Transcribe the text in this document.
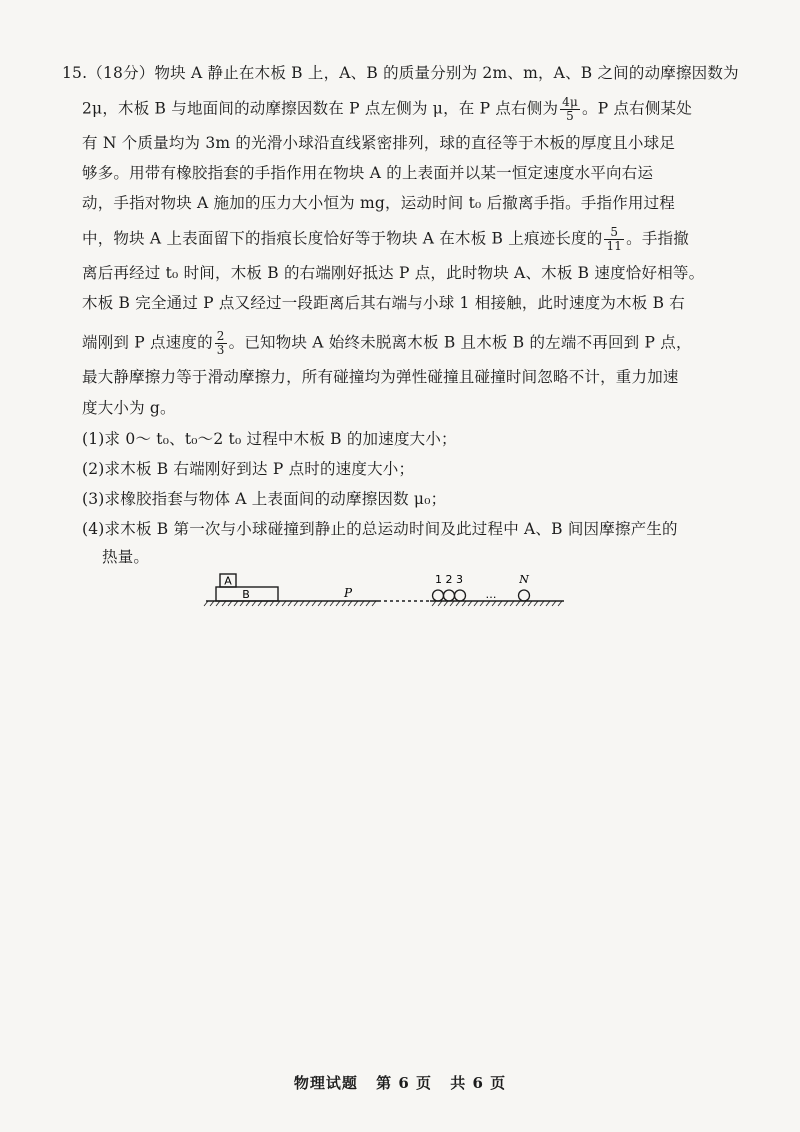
15.（18分）物块 A 静止在木板 B 上，A、B 的质量分别为 2m、m，A、B 之间的动摩擦因数为
2μ，木板 B 与地面间的动摩擦因数在 P 点左侧为 μ，在 P 点右侧为 $\frac{4\mu}{5}$ 。P 点右侧某处
有 N 个质量均为 3m 的光滑小球沿直线紧密排列，球的直径等于木板的厚度且小球足
够多。用带有橡胶指套的手指作用在物块 A 的上表面并以某一恒定速度水平向右运
动，手指对物块 A 施加的压力大小恒为 mg，运动时间 t₀ 后撤离手指。手指作用过程
中，物块 A 上表面留下的指痕长度恰好等于物块 A 在木板 B 上痕迹长度的 $\frac{5}{11}$ 。手指撤
离后再经过 t₀ 时间，木板 B 的右端刚好抵达 P 点，此时物块 A、木板 B 速度恰好相等。
木板 B 完全通过 P 点又经过一段距离后其右端与小球 1 相接触，此时速度为木板 B 右
端刚到 P 点速度的 $\frac{2}{3}$ 。已知物块 A 始终未脱离木板 B 且木板 B 的左端不再回到 P 点，
最大静摩擦力等于滑动摩擦力，所有碰撞均为弹性碰撞且碰撞时间忽略不计，重力加速
度大小为 g。
(1)求 0～ t₀、t₀～2 t₀ 过程中木板 B 的加速度大小；
(2)求木板 B 右端刚好到达 P 点时的速度大小；
(3)求橡胶指套与物体 A 上表面间的动摩擦因数 μ₀；
(4)求木板 B 第一次与小球碰撞到静止的总运动时间及此过程中 A、B 间因摩擦产生的
热量。
A
B	P
1 2 3
…
N
物理试题 第 6 页 共 6 页
